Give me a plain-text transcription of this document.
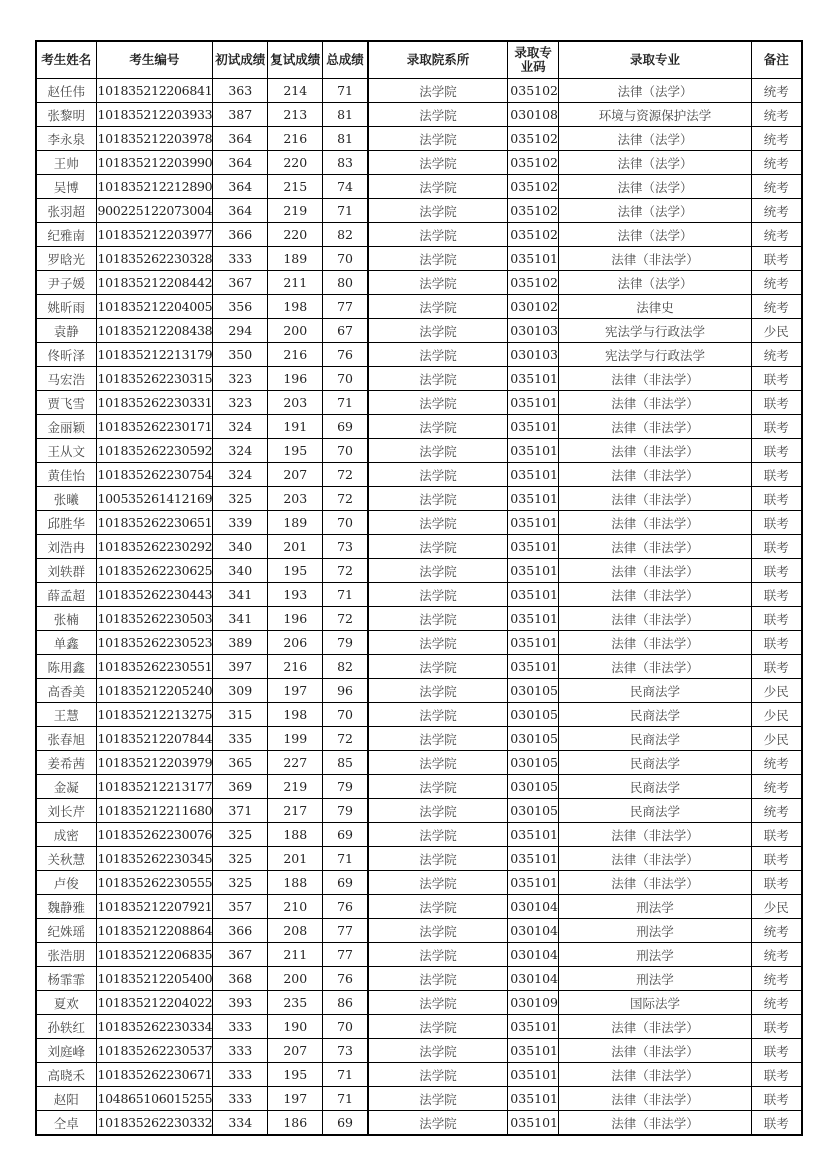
考生姓名	考生编号	初试成绩	复试成绩	总成绩	录取院系所	录取专业码	录取专业	备注
赵任伟	101835212206841	363	214	71	法学院	035102	法律（法学）	统考
张黎明	101835212203933	387	213	81	法学院	030108	环境与资源保护法学	统考
李永泉	101835212203978	364	216	81	法学院	035102	法律（法学）	统考
王帅	101835212203990	364	220	83	法学院	035102	法律（法学）	统考
吴博	101835212212890	364	215	74	法学院	035102	法律（法学）	统考
张羽超	900225122073004	364	219	71	法学院	035102	法律（法学）	统考
纪雅南	101835212203977	366	220	82	法学院	035102	法律（法学）	统考
罗晗光	101835262230328	333	189	70	法学院	035101	法律（非法学）	联考
尹子媛	101835212208442	367	211	80	法学院	035102	法律（法学）	统考
姚昕雨	101835212204005	356	198	77	法学院	030102	法律史	统考
袁静	101835212208438	294	200	67	法学院	030103	宪法学与行政法学	少民
佟昕泽	101835212213179	350	216	76	法学院	030103	宪法学与行政法学	统考
马宏浩	101835262230315	323	196	70	法学院	035101	法律（非法学）	联考
贾飞雪	101835262230331	323	203	71	法学院	035101	法律（非法学）	联考
金丽颖	101835262230171	324	191	69	法学院	035101	法律（非法学）	联考
王从文	101835262230592	324	195	70	法学院	035101	法律（非法学）	联考
黄佳怡	101835262230754	324	207	72	法学院	035101	法律（非法学）	联考
张曦	100535261412169	325	203	72	法学院	035101	法律（非法学）	联考
邱胜华	101835262230651	339	189	70	法学院	035101	法律（非法学）	联考
刘浩冉	101835262230292	340	201	73	法学院	035101	法律（非法学）	联考
刘轶群	101835262230625	340	195	72	法学院	035101	法律（非法学）	联考
薛孟超	101835262230443	341	193	71	法学院	035101	法律（非法学）	联考
张楠	101835262230503	341	196	72	法学院	035101	法律（非法学）	联考
单鑫	101835262230523	389	206	79	法学院	035101	法律（非法学）	联考
陈用鑫	101835262230551	397	216	82	法学院	035101	法律（非法学）	联考
高香美	101835212205240	309	197	96	法学院	030105	民商法学	少民
王慧	101835212213275	315	198	70	法学院	030105	民商法学	少民
张春旭	101835212207844	335	199	72	法学院	030105	民商法学	少民
姜希茜	101835212203979	365	227	85	法学院	030105	民商法学	统考
金凝	101835212213177	369	219	79	法学院	030105	民商法学	统考
刘长芹	101835212211680	371	217	79	法学院	030105	民商法学	统考
成密	101835262230076	325	188	69	法学院	035101	法律（非法学）	联考
关秋慧	101835262230345	325	201	71	法学院	035101	法律（非法学）	联考
卢俊	101835262230555	325	188	69	法学院	035101	法律（非法学）	联考
魏静雅	101835212207921	357	210	76	法学院	030104	刑法学	少民
纪姝瑶	101835212208864	366	208	77	法学院	030104	刑法学	统考
张浩朋	101835212206835	367	211	77	法学院	030104	刑法学	统考
杨霏霏	101835212205400	368	200	76	法学院	030104	刑法学	统考
夏欢	101835212204022	393	235	86	法学院	030109	国际法学	统考
孙轶红	101835262230334	333	190	70	法学院	035101	法律（非法学）	联考
刘庭峰	101835262230537	333	207	73	法学院	035101	法律（非法学）	联考
高晓禾	101835262230671	333	195	71	法学院	035101	法律（非法学）	联考
赵阳	104865106015255	333	197	71	法学院	035101	法律（非法学）	联考
仝卓	101835262230332	334	186	69	法学院	035101	法律（非法学）	联考
